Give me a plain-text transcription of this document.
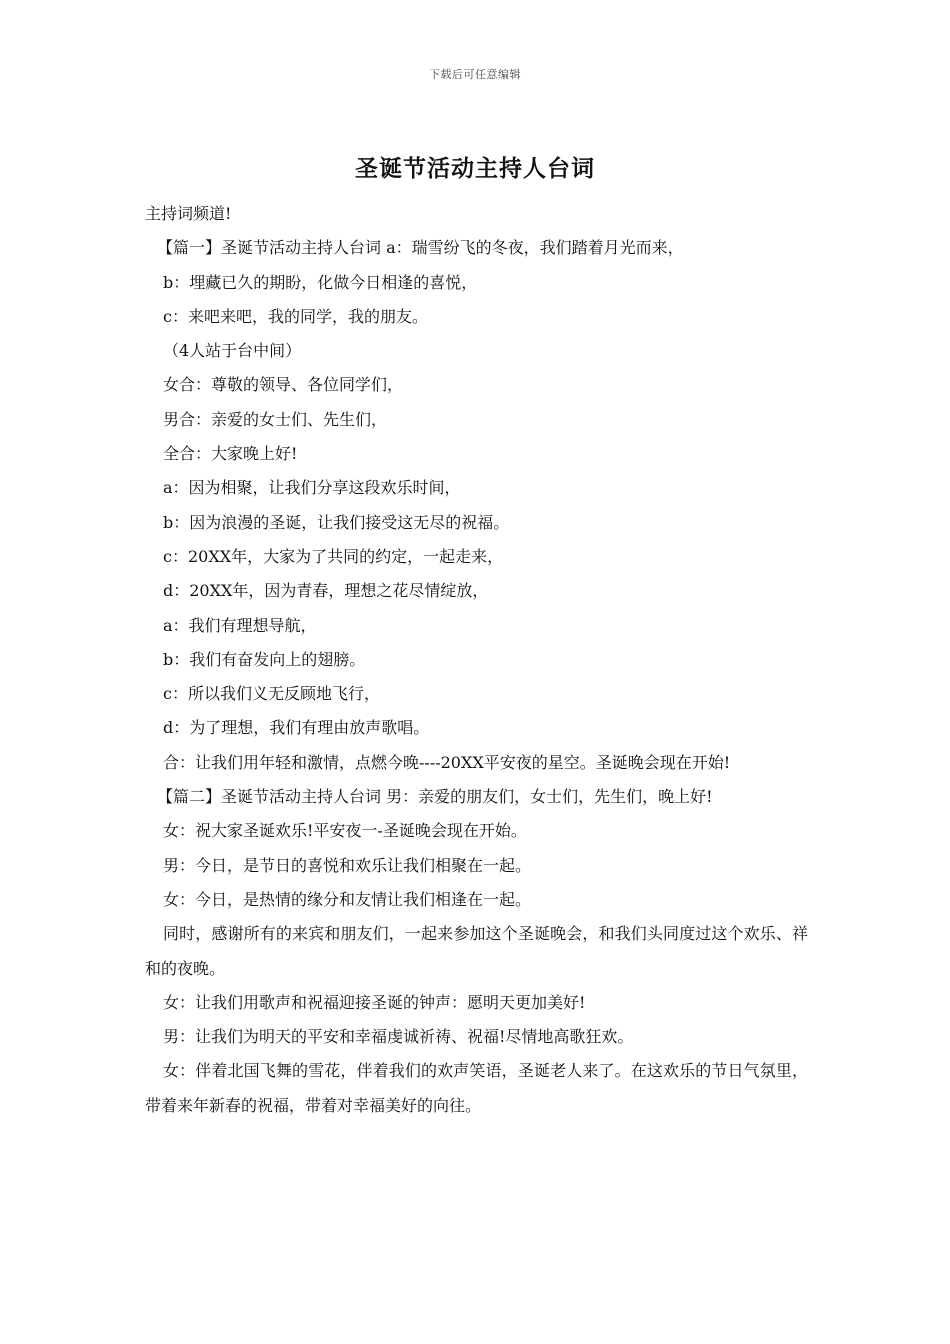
下载后可任意编辑
圣诞节活动主持人台词

主持词频道!

【篇一】圣诞节活动主持人台词 a：瑞雪纷飞的冬夜，我们踏着月光而来，

b：埋藏已久的期盼，化做今日相逢的喜悦，

c：来吧来吧，我的同学，我的朋友。

（4人站于台中间）

女合：尊敬的领导、各位同学们，

男合：亲爱的女士们、先生们，

全合：大家晚上好!

a：因为相聚，让我们分享这段欢乐时间，

b：因为浪漫的圣诞，让我们接受这无尽的祝福。

c：20XX年，大家为了共同的约定，一起走来，

d：20XX年，因为青春，理想之花尽情绽放，

a：我们有理想导航，

b：我们有奋发向上的翅膀。

c：所以我们义无反顾地飞行，

d：为了理想，我们有理由放声歌唱。

合：让我们用年轻和激情，点燃今晚----20XX平安夜的星空。圣诞晚会现在开始!

【篇二】圣诞节活动主持人台词 男：亲爱的朋友们，女士们，先生们，晚上好!

女：祝大家圣诞欢乐!平安夜一-圣诞晚会现在开始。

男：今日，是节日的喜悦和欢乐让我们相聚在一起。

女：今日，是热情的缘分和友情让我们相逢在一起。

同时，感谢所有的来宾和朋友们，一起来参加这个圣诞晚会，和我们头同度过这个欢乐、祥和的夜晚。

女：让我们用歌声和祝福迎接圣诞的钟声：愿明天更加美好!

男：让我们为明天的平安和幸福虔诚祈祷、祝福!尽情地高歌狂欢。

女：伴着北国飞舞的雪花，伴着我们的欢声笑语，圣诞老人来了。在这欢乐的节日气氛里，带着来年新春的祝福，带着对幸福美好的向往。
